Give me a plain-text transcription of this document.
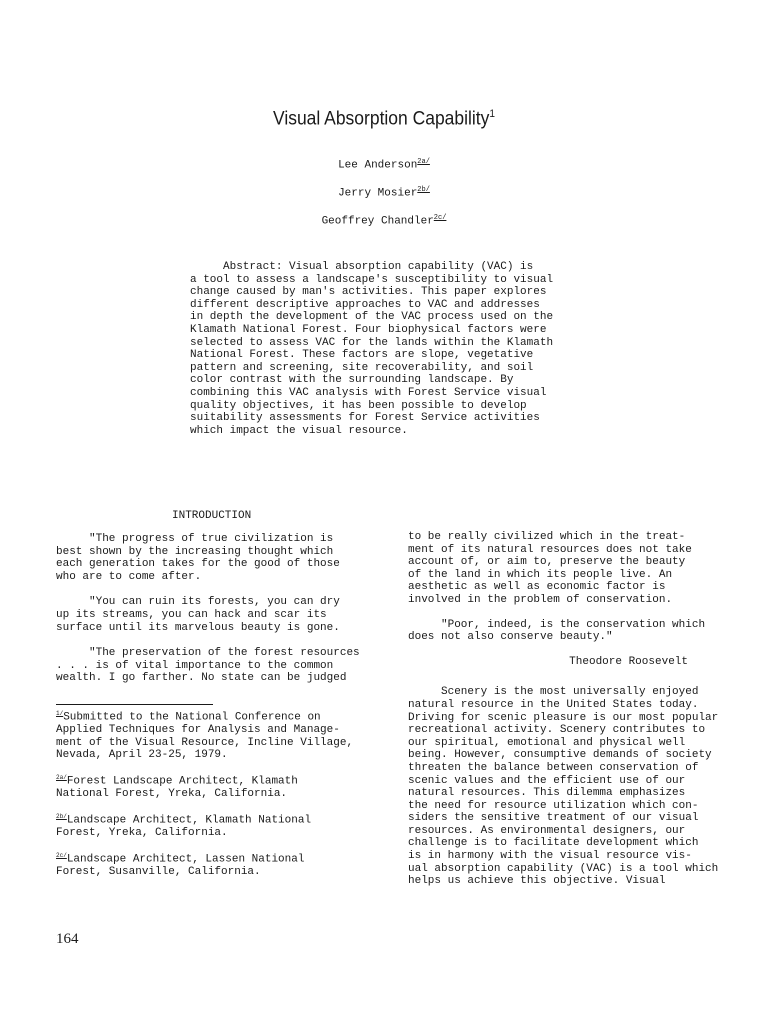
Visual Absorption Capability$^1$
Lee Anderson$^{2a/}$
Jerry Mosier$^{2b/}$
Geoffrey Chandler$^{2c/}$
Abstract: Visual absorption capability (VAC) is
a tool to assess a landscape's susceptibility to visual
change caused by man's activities. This paper explores
different descriptive approaches to VAC and addresses
in depth the development of the VAC process used on the
Klamath National Forest. Four biophysical factors were
selected to assess VAC for the lands within the Klamath
National Forest. These factors are slope, vegetative
pattern and screening, site recoverability, and soil
color contrast with the surrounding landscape. By
combining this VAC analysis with Forest Service visual
quality objectives, it has been possible to develop
suitability assessments for Forest Service activities
which impact the visual resource.
INTRODUCTION

"The progress of true civilization is
best shown by the increasing thought which
each generation takes for the good of those
who are to come after.

"You can ruin its forests, you can dry
up its streams, you can hack and scar its
surface until its marvelous beauty is gone.

"The preservation of the forest resources
. . . is of vital importance to the common
wealth. I go farther. No state can be judged

$^{1/}$Submitted to the National Conference on
Applied Techniques for Analysis and Manage-
ment of the Visual Resource, Incline Village,
Nevada, April 23-25, 1979.

$^{2a/}$Forest Landscape Architect, Klamath
National Forest, Yreka, California.

$^{2b/}$Landscape Architect, Klamath National
Forest, Yreka, California.

$^{2c/}$Landscape Architect, Lassen National
Forest, Susanville, California.

to be really civilized which in the treat-
ment of its natural resources does not take
account of, or aim to, preserve the beauty
of the land in which its people live. An
aesthetic as well as economic factor is
involved in the problem of conservation.

"Poor, indeed, is the conservation which
does not also conserve beauty."

Theodore Roosevelt

Scenery is the most universally enjoyed
natural resource in the United States today.
Driving for scenic pleasure is our most popular
recreational activity. Scenery contributes to
our spiritual, emotional and physical well
being. However, consumptive demands of society
threaten the balance between conservation of
scenic values and the efficient use of our
natural resources. This dilemma emphasizes
the need for resource utilization which con-
siders the sensitive treatment of our visual
resources. As environmental designers, our
challenge is to facilitate development which
is in harmony with the visual resource vis-
ual absorption capability (VAC) is a tool which
helps us achieve this objective. Visual

164
